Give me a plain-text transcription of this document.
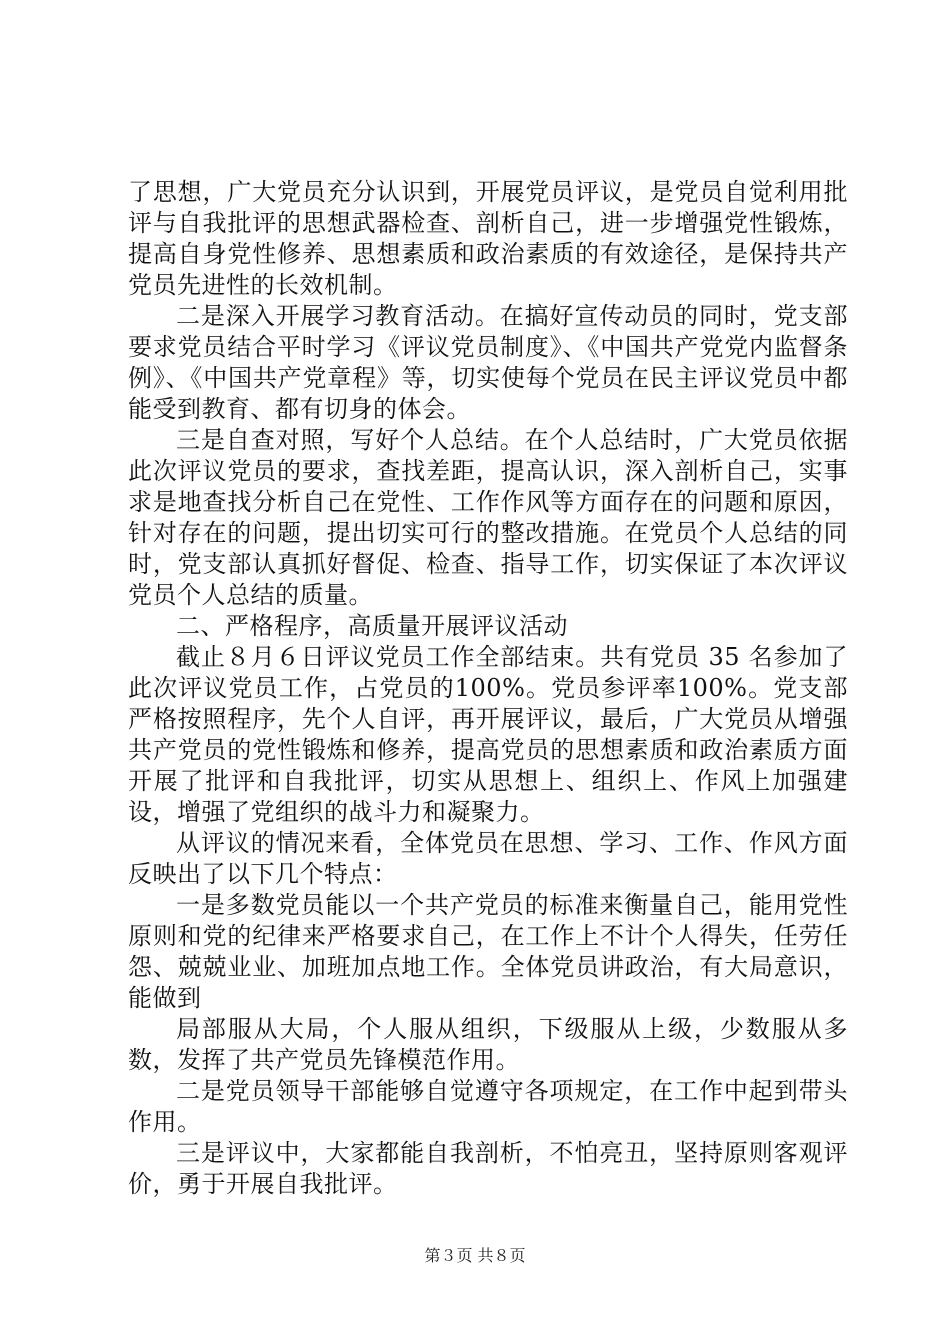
了思想，广大党员充分认识到，开展党员评议，是党员自觉利用批评与自我批评的思想武器检查、剖析自己，进一步增强党性锻炼，提高自身党性修养、思想素质和政治素质的有效途径，是保持共产党员先进性的长效机制。

二是深入开展学习教育活动。在搞好宣传动员的同时，党支部要求党员结合平时学习《评议党员制度》、《中国共产党党内监督条例》、《中国共产党章程》等，切实使每个党员在民主评议党员中都能受到教育、都有切身的体会。

三是自查对照，写好个人总结。在个人总结时，广大党员依据此次评议党员的要求，查找差距，提高认识，深入剖析自己，实事求是地查找分析自己在党性、工作作风等方面存在的问题和原因，针对存在的问题，提出切实可行的整改措施。在党员个人总结的同时，党支部认真抓好督促、检查、指导工作，切实保证了本次评议党员个人总结的质量。

二、严格程序，高质量开展评议活动

截止８月６日评议党员工作全部结束。共有党员 35 名参加了此次评议党员工作，占党员的100%。党员参评率100%。党支部严格按照程序，先个人自评，再开展评议，最后，广大党员从增强共产党员的党性锻炼和修养，提高党员的思想素质和政治素质方面开展了批评和自我批评，切实从思想上、组织上、作风上加强建设，增强了党组织的战斗力和凝聚力。

从评议的情况来看，全体党员在思想、学习、工作、作风方面反映出了以下几个特点：

一是多数党员能以一个共产党员的标准来衡量自己，能用党性原则和党的纪律来严格要求自己，在工作上不计个人得失，任劳任怨、兢兢业业、加班加点地工作。全体党员讲政治，有大局意识，能做到

局部服从大局，个人服从组织，下级服从上级，少数服从多数，发挥了共产党员先锋模范作用。

二是党员领导干部能够自觉遵守各项规定，在工作中起到带头作用。

三是评议中，大家都能自我剖析，不怕亮丑，坚持原则客观评价，勇于开展自我批评。

第３页 共８页
